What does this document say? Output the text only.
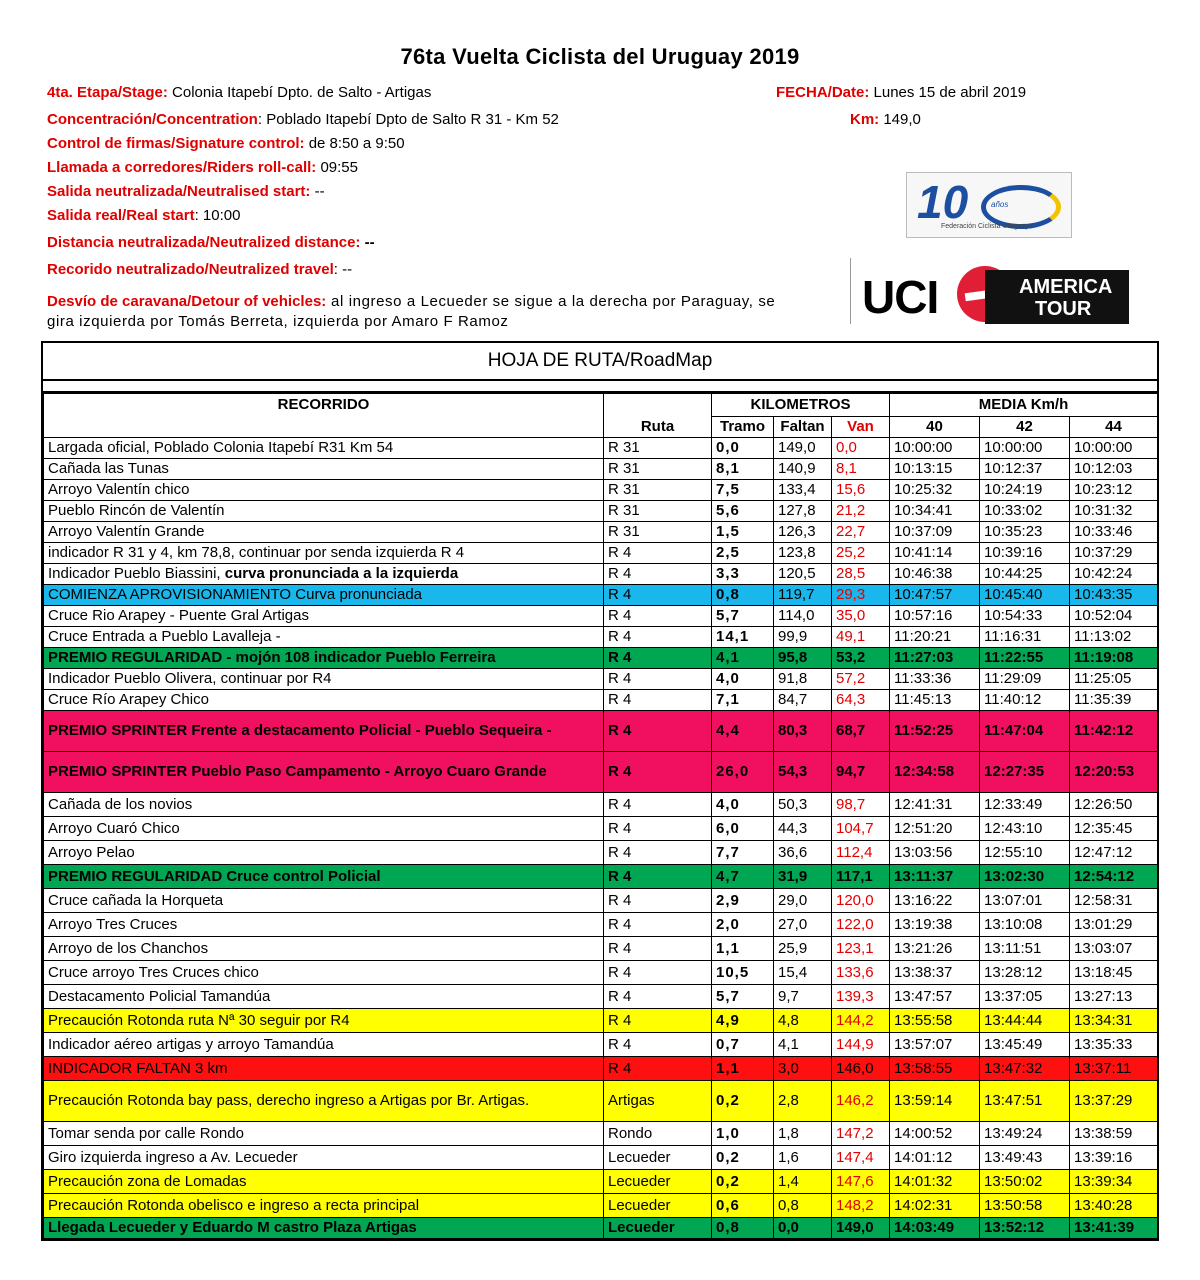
76ta Vuelta Ciclista del Uruguay 2019
4ta. Etapa/Stage: Colonia Itapebí Dpto. de Salto - Artigas	FECHA/Date: Lunes 15 de abril 2019
Concentración/Concentration: Poblado Itapebí Dpto de Salto R 31 - Km 52	Km: 149,0
Control de firmas/Signature control: de 8:50 a 9:50
Llamada a corredores/Riders roll-call: 09:55
Salida neutralizada/Neutralised start: --
Salida real/Real start: 10:00
Distancia neutralizada/Neutralized distance: --
Recorido neutralizado/Neutralized travel: --
Desvío de caravana/Detour of vehicles: al ingreso a Lecueder se sigue a la derecha por Paraguay, se gira izquierda por Tomás Berreta, izquierda por Amaro F Ramoz
10	años
Federación Ciclista Uruguaya
UCI	AMERICA
TOUR
HOJA DE RUTA/RoadMap
RECORRIDO		KILOMETROS			MEDIA Km/h		
	Ruta	Tramo	Faltan	Van	40	42	44
Largada oficial, Poblado Colonia Itapebí R31 Km 54	R 31	0,0	149,0	0,0	10:00:00	10:00:00	10:00:00
Cañada las Tunas	R 31	8,1	140,9	8,1	10:13:15	10:12:37	10:12:03
Arroyo Valentín chico	R 31	7,5	133,4	15,6	10:25:32	10:24:19	10:23:12
Pueblo Rincón de Valentín	R 31	5,6	127,8	21,2	10:34:41	10:33:02	10:31:32
Arroyo Valentín Grande	R 31	1,5	126,3	22,7	10:37:09	10:35:23	10:33:46
indicador R 31 y 4, km 78,8, continuar por senda izquierda R 4	R 4	2,5	123,8	25,2	10:41:14	10:39:16	10:37:29
Indicador Pueblo Biassini, curva pronunciada a la izquierda	R 4	3,3	120,5	28,5	10:46:38	10:44:25	10:42:24
COMIENZA APROVISIONAMIENTO Curva pronunciada	R 4	0,8	119,7	29,3	10:47:57	10:45:40	10:43:35
Cruce Rio Arapey - Puente Gral Artigas	R 4	5,7	114,0	35,0	10:57:16	10:54:33	10:52:04
Cruce Entrada a Pueblo Lavalleja -	R 4	14,1	99,9	49,1	11:20:21	11:16:31	11:13:02
PREMIO REGULARIDAD - mojón 108 indicador Pueblo Ferreira	R 4	4,1	95,8	53,2	11:27:03	11:22:55	11:19:08
Indicador Pueblo Olivera, continuar por R4	R 4	4,0	91,8	57,2	11:33:36	11:29:09	11:25:05
Cruce Río Arapey Chico	R 4	7,1	84,7	64,3	11:45:13	11:40:12	11:35:39
PREMIO SPRINTER Frente a destacamento Policial - Pueblo Sequeira -	R 4	4,4	80,3	68,7	11:52:25	11:47:04	11:42:12
PREMIO SPRINTER Pueblo Paso Campamento - Arroyo Cuaro Grande	R 4	26,0	54,3	94,7	12:34:58	12:27:35	12:20:53
Cañada de los novios	R 4	4,0	50,3	98,7	12:41:31	12:33:49	12:26:50
Arroyo Cuaró Chico	R 4	6,0	44,3	104,7	12:51:20	12:43:10	12:35:45
Arroyo Pelao	R 4	7,7	36,6	112,4	13:03:56	12:55:10	12:47:12
PREMIO REGULARIDAD Cruce control Policial	R 4	4,7	31,9	117,1	13:11:37	13:02:30	12:54:12
Cruce cañada la Horqueta	R 4	2,9	29,0	120,0	13:16:22	13:07:01	12:58:31
Arroyo Tres Cruces	R 4	2,0	27,0	122,0	13:19:38	13:10:08	13:01:29
Arroyo de los Chanchos	R 4	1,1	25,9	123,1	13:21:26	13:11:51	13:03:07
Cruce arroyo Tres Cruces chico	R 4	10,5	15,4	133,6	13:38:37	13:28:12	13:18:45
Destacamento Policial Tamandúa	R 4	5,7	9,7	139,3	13:47:57	13:37:05	13:27:13
Precaución Rotonda ruta Nª 30 seguir por R4	R 4	4,9	4,8	144,2	13:55:58	13:44:44	13:34:31
Indicador aéreo artigas y arroyo Tamandúa	R 4	0,7	4,1	144,9	13:57:07	13:45:49	13:35:33
INDICADOR FALTAN 3 km	R 4	1,1	3,0	146,0	13:58:55	13:47:32	13:37:11
Precaución Rotonda bay pass, derecho ingreso a Artigas por Br. Artigas.	Artigas	0,2	2,8	146,2	13:59:14	13:47:51	13:37:29
Tomar senda por calle Rondo	Rondo	1,0	1,8	147,2	14:00:52	13:49:24	13:38:59
Giro izquierda ingreso a Av. Lecueder	Lecueder	0,2	1,6	147,4	14:01:12	13:49:43	13:39:16
Precaución zona de Lomadas	Lecueder	0,2	1,4	147,6	14:01:32	13:50:02	13:39:34
Precaución Rotonda obelisco e ingreso a recta principal	Lecueder	0,6	0,8	148,2	14:02:31	13:50:58	13:40:28
Llegada Lecueder y Eduardo M castro Plaza Artigas	Lecueder	0,8	0,0	149,0	14:03:49	13:52:12	13:41:39
